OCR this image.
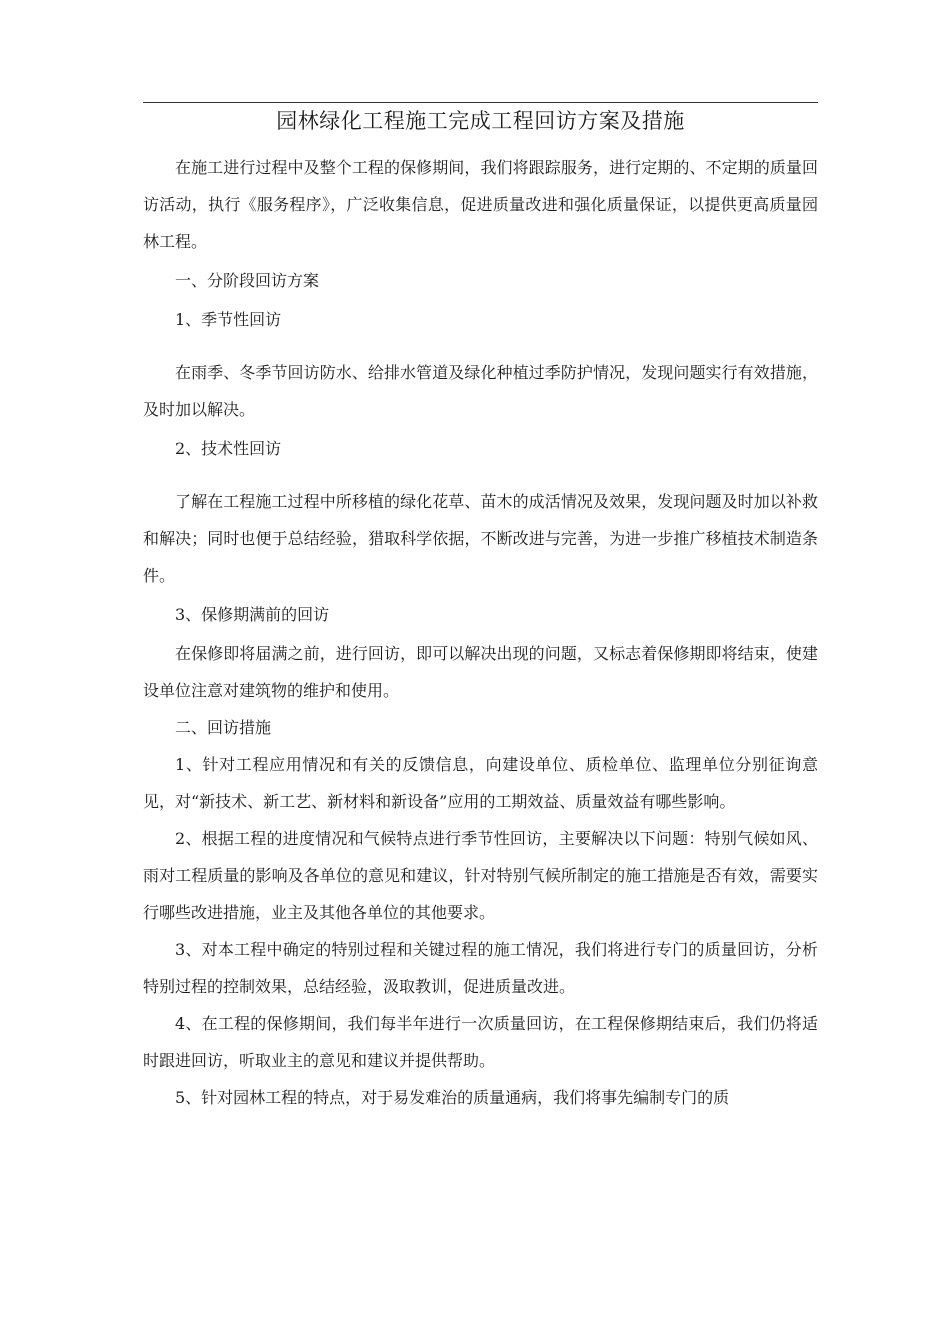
园林绿化工程施工完成工程回访方案及措施

在施工进行过程中及整个工程的保修期间，我们将跟踪服务，进行定期的、不定期的质量回访活动，执行《服务程序》，广泛收集信息，促进质量改进和强化质量保证，以提供更高质量园林工程。

一、分阶段回访方案

1、季节性回访

在雨季、冬季节回访防水、给排水管道及绿化种植过季防护情况，发现问题实行有效措施，及时加以解决。

2、技术性回访

了解在工程施工过程中所移植的绿化花草、苗木的成活情况及效果，发现问题及时加以补救和解决；同时也便于总结经验，猎取科学依据，不断改进与完善，为进一步推广移植技术制造条件。

3、保修期满前的回访

在保修即将届满之前，进行回访，即可以解决出现的问题，又标志着保修期即将结束，使建设单位注意对建筑物的维护和使用。

二、回访措施

1、针对工程应用情况和有关的反馈信息，向建设单位、质检单位、监理单位分别征询意见，对“新技术、新工艺、新材料和新设备”应用的工期效益、质量效益有哪些影响。

2、根据工程的进度情况和气候特点进行季节性回访，主要解决以下问题：特别气候如风、雨对工程质量的影响及各单位的意见和建议，针对特别气候所制定的施工措施是否有效，需要实行哪些改进措施，业主及其他各单位的其他要求。

3、对本工程中确定的特别过程和关键过程的施工情况，我们将进行专门的质量回访，分析特别过程的控制效果，总结经验，汲取教训，促进质量改进。

4、在工程的保修期间，我们每半年进行一次质量回访，在工程保修期结束后，我们仍将适时跟进回访，听取业主的意见和建议并提供帮助。

5、针对园林工程的特点，对于易发难治的质量通病，我们将事先编制专门的质
